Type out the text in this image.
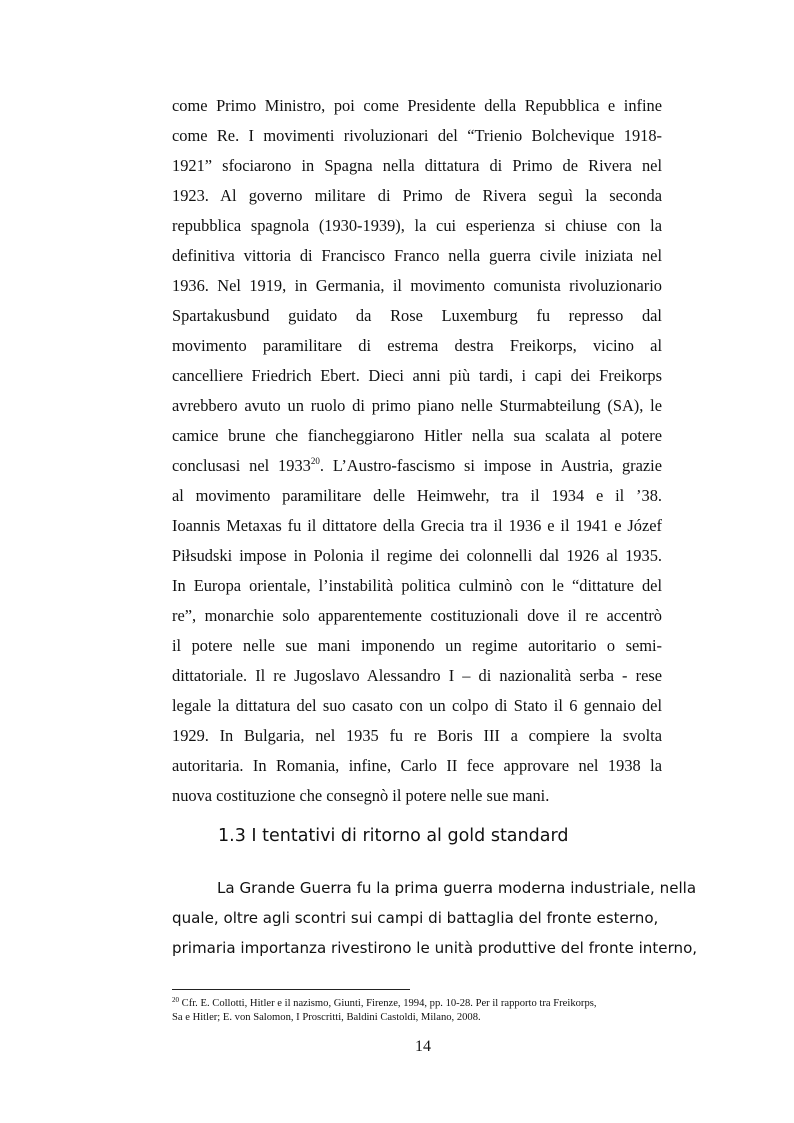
come Primo Ministro, poi come Presidente della Repubblica e infine
come Re. I movimenti rivoluzionari del “Trienio Bolchevique 1918-
1921” sfociarono in Spagna nella dittatura di Primo de Rivera nel
1923. Al governo militare di Primo de Rivera seguì la seconda
repubblica spagnola (1930-1939), la cui esperienza si chiuse con la
definitiva vittoria di Francisco Franco nella guerra civile iniziata nel
1936. Nel 1919, in Germania, il movimento comunista rivoluzionario
Spartakusbund guidato da Rose Luxemburg fu represso dal
movimento paramilitare di estrema destra Freikorps, vicino al
cancelliere Friedrich Ebert. Dieci anni più tardi, i capi dei Freikorps
avrebbero avuto un ruolo di primo piano nelle Sturmabteilung (SA), le
camice brune che fiancheggiarono Hitler nella sua scalata al potere
conclusasi nel 1933$^{20}$. L’Austro-fascismo si impose in Austria, grazie
al movimento paramilitare delle Heimwehr, tra il 1934 e il ’38.
Ioannis Metaxas fu il dittatore della Grecia tra il 1936 e il 1941 e Józef
Piłsudski impose in Polonia il regime dei colonnelli dal 1926 al 1935.
In Europa orientale, l’instabilità politica culminò con le “dittature del
re”, monarchie solo apparentemente costituzionali dove il re accentrò
il potere nelle sue mani imponendo un regime autoritario o semi-
dittatoriale. Il re Jugoslavo Alessandro I – di nazionalità serba - rese
legale la dittatura del suo casato con un colpo di Stato il 6 gennaio del
1929. In Bulgaria, nel 1935 fu re Boris III a compiere la svolta
autoritaria. In Romania, infine, Carlo II fece approvare nel 1938 la
nuova costituzione che consegnò il potere nelle sue mani.
1.3 I tentativi di ritorno al gold standard
La Grande Guerra fu la prima guerra moderna industriale, nella
quale, oltre agli scontri sui campi di battaglia del fronte esterno,
primaria importanza rivestirono le unità produttive del fronte interno,
$^{20}$ Cfr. E. Collotti, Hitler e il nazismo, Giunti, Firenze, 1994, pp. 10-28. Per il rapporto tra Freikorps,
Sa e Hitler; E. von Salomon, I Proscritti, Baldini Castoldi, Milano, 2008.
14
